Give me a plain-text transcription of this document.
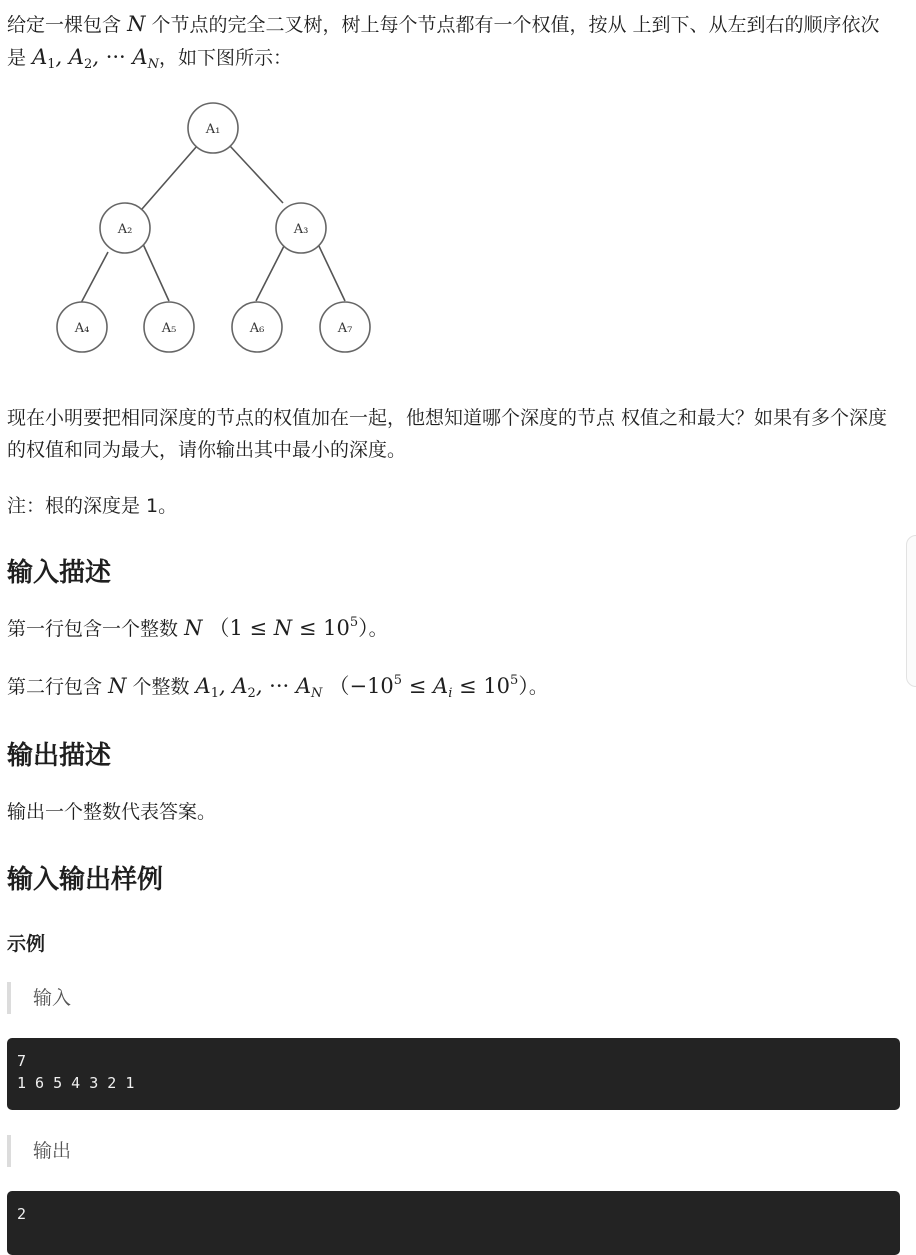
给定一棵包含 N 个节点的完全二叉树，树上每个节点都有一个权值，按从 上到下、从左到右的顺序依次是 $A_1$, $A_2$, ··· $A_N$，如下图所示：

A₁
A₂	A₃
A₄	A₅	A₆	A₇

现在小明要把相同深度的节点的权值加在一起，他想知道哪个深度的节点 权值之和最大？如果有多个深度的权值和同为最大，请你输出其中最小的深度。

注：根的深度是 1。

输入描述

第一行包含一个整数 N $(1 \le N \le 10^5)$。

第二行包含 N 个整数 $A_1$, $A_2$, ··· $A_N$ $(-10^5 \le A_i \le 10^5)$。

输出描述

输出一个整数代表答案。

输入输出样例
示例
输入
7
1 6 5 4 3 2 1
输出
2
